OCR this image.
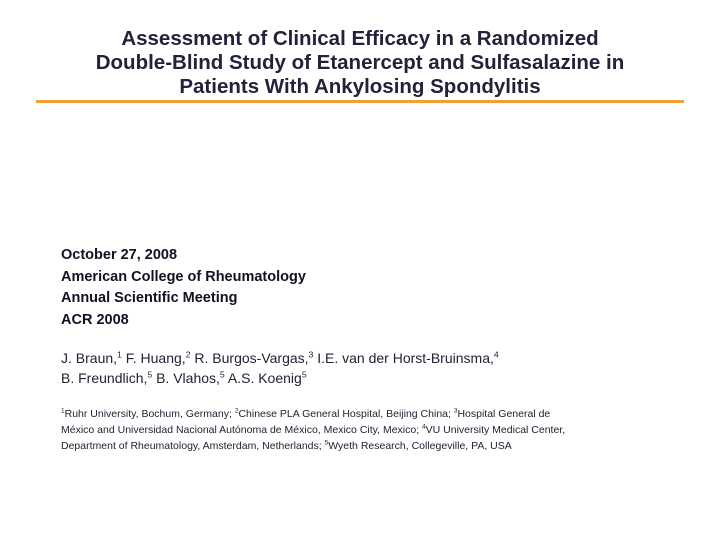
Assessment of Clinical Efficacy in a Randomized
Double-Blind Study of Etanercept and Sulfasalazine in
Patients With Ankylosing Spondylitis
October 27, 2008
American College of Rheumatology
Annual Scientific Meeting
ACR 2008
J. Braun,$^1$ F. Huang,$^2$ R. Burgos-Vargas,$^3$ I.E. van der Horst-Bruinsma,$^4$
B. Freundlich,$^5$ B. Vlahos,$^5$ A.S. Koenig$^5$
$^1$Ruhr University, Bochum, Germany; $^2$Chinese PLA General Hospital, Beijing China; $^3$Hospital General de
México and Universidad Nacional Autónoma de México, Mexico City, Mexico; $^4$VU University Medical Center,
Department of Rheumatology, Amsterdam, Netherlands; $^5$Wyeth Research, Collegeville, PA, USA
